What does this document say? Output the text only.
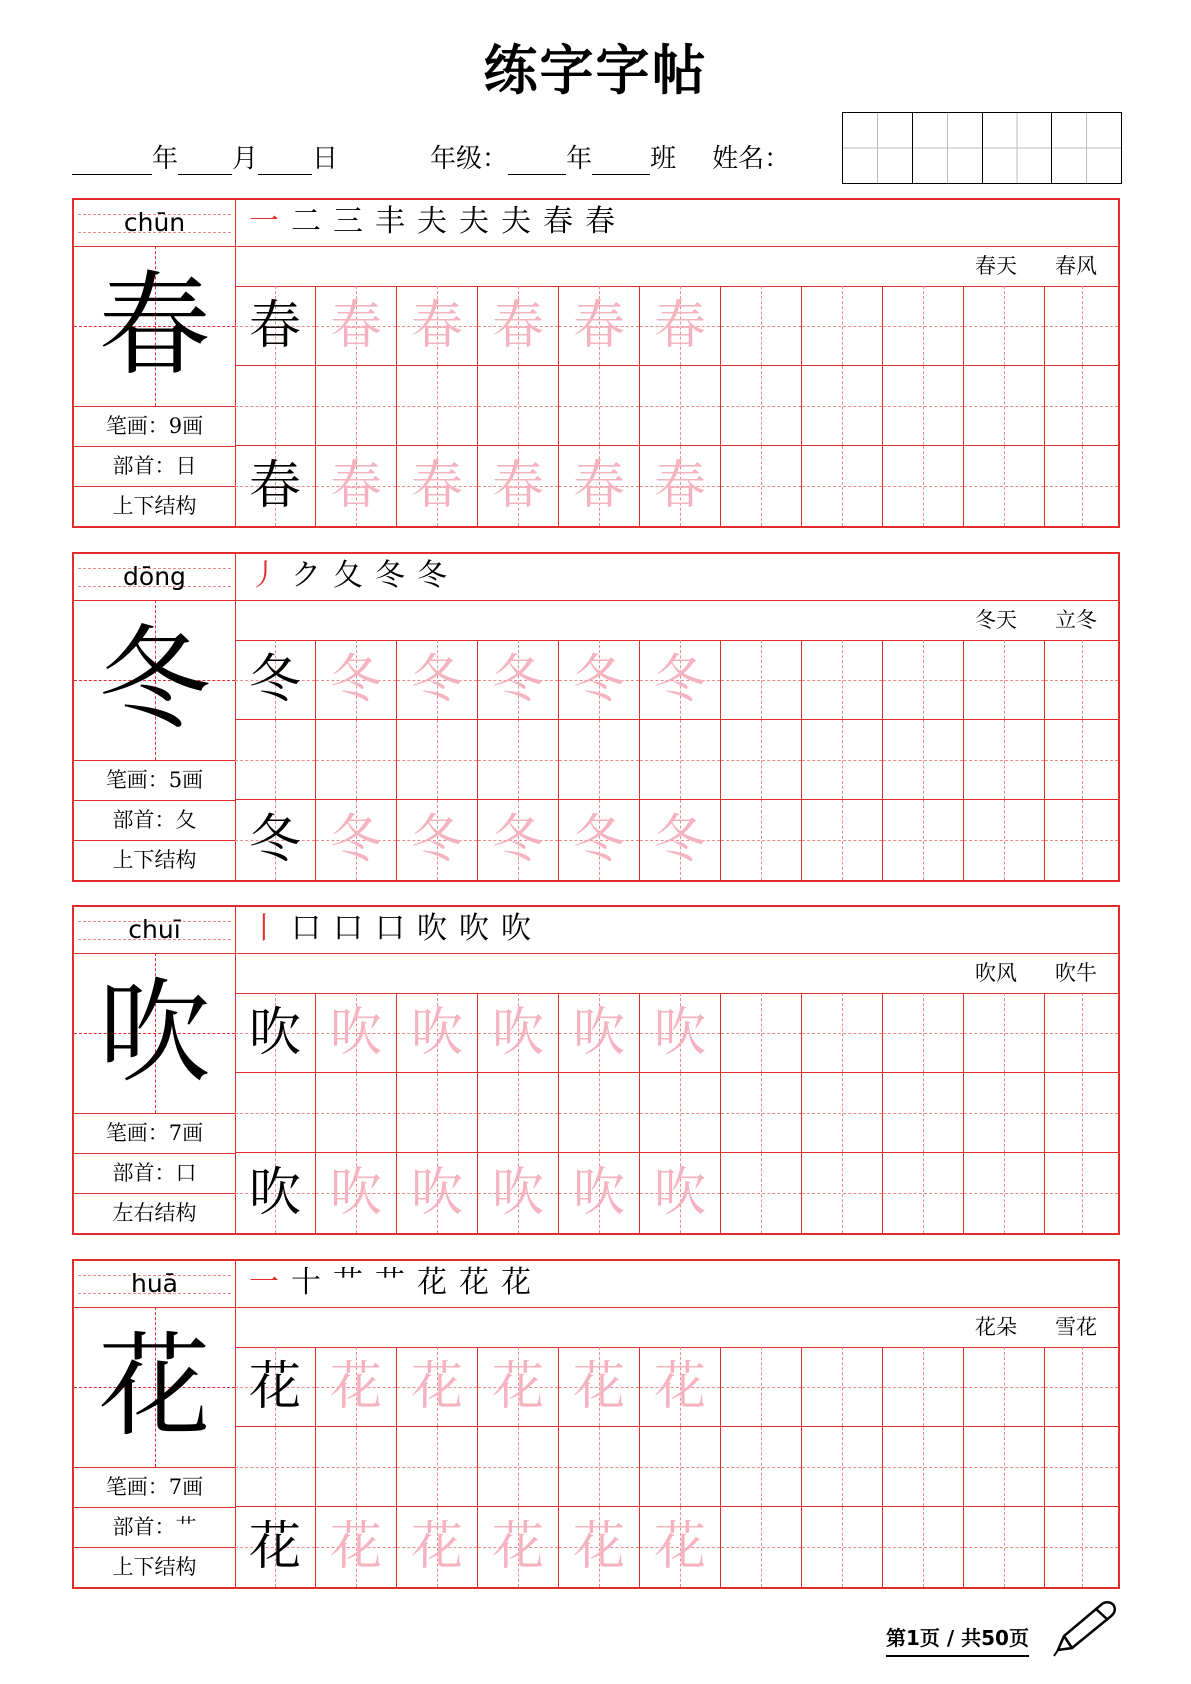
练字字帖
年 月 日	年级： 年 班 姓名：
chūn
春
笔画：9画
部首：日
上下结构
一 二 三 丰 夫 夫 夫 春 春
春天 春风
春 春 春 春 春 春
春 春 春 春 春 春
dōng
冬
笔画：5画
部首：夂
上下结构
丿 ク 夂 冬 冬
冬天 立冬
冬 冬 冬 冬 冬 冬
冬 冬 冬 冬 冬 冬
chuī
吹
笔画：7画
部首：口
左右结构
丨 口 口 口 吹 吹 吹
吹风 吹牛
吹 吹 吹 吹 吹 吹
吹 吹 吹 吹 吹 吹
huā
花
笔画：7画
部首：艹
上下结构
一 十 艹 艹 花 花 花
花朵 雪花
花 花 花 花 花 花
花 花 花 花 花 花
第1页 / 共50页
